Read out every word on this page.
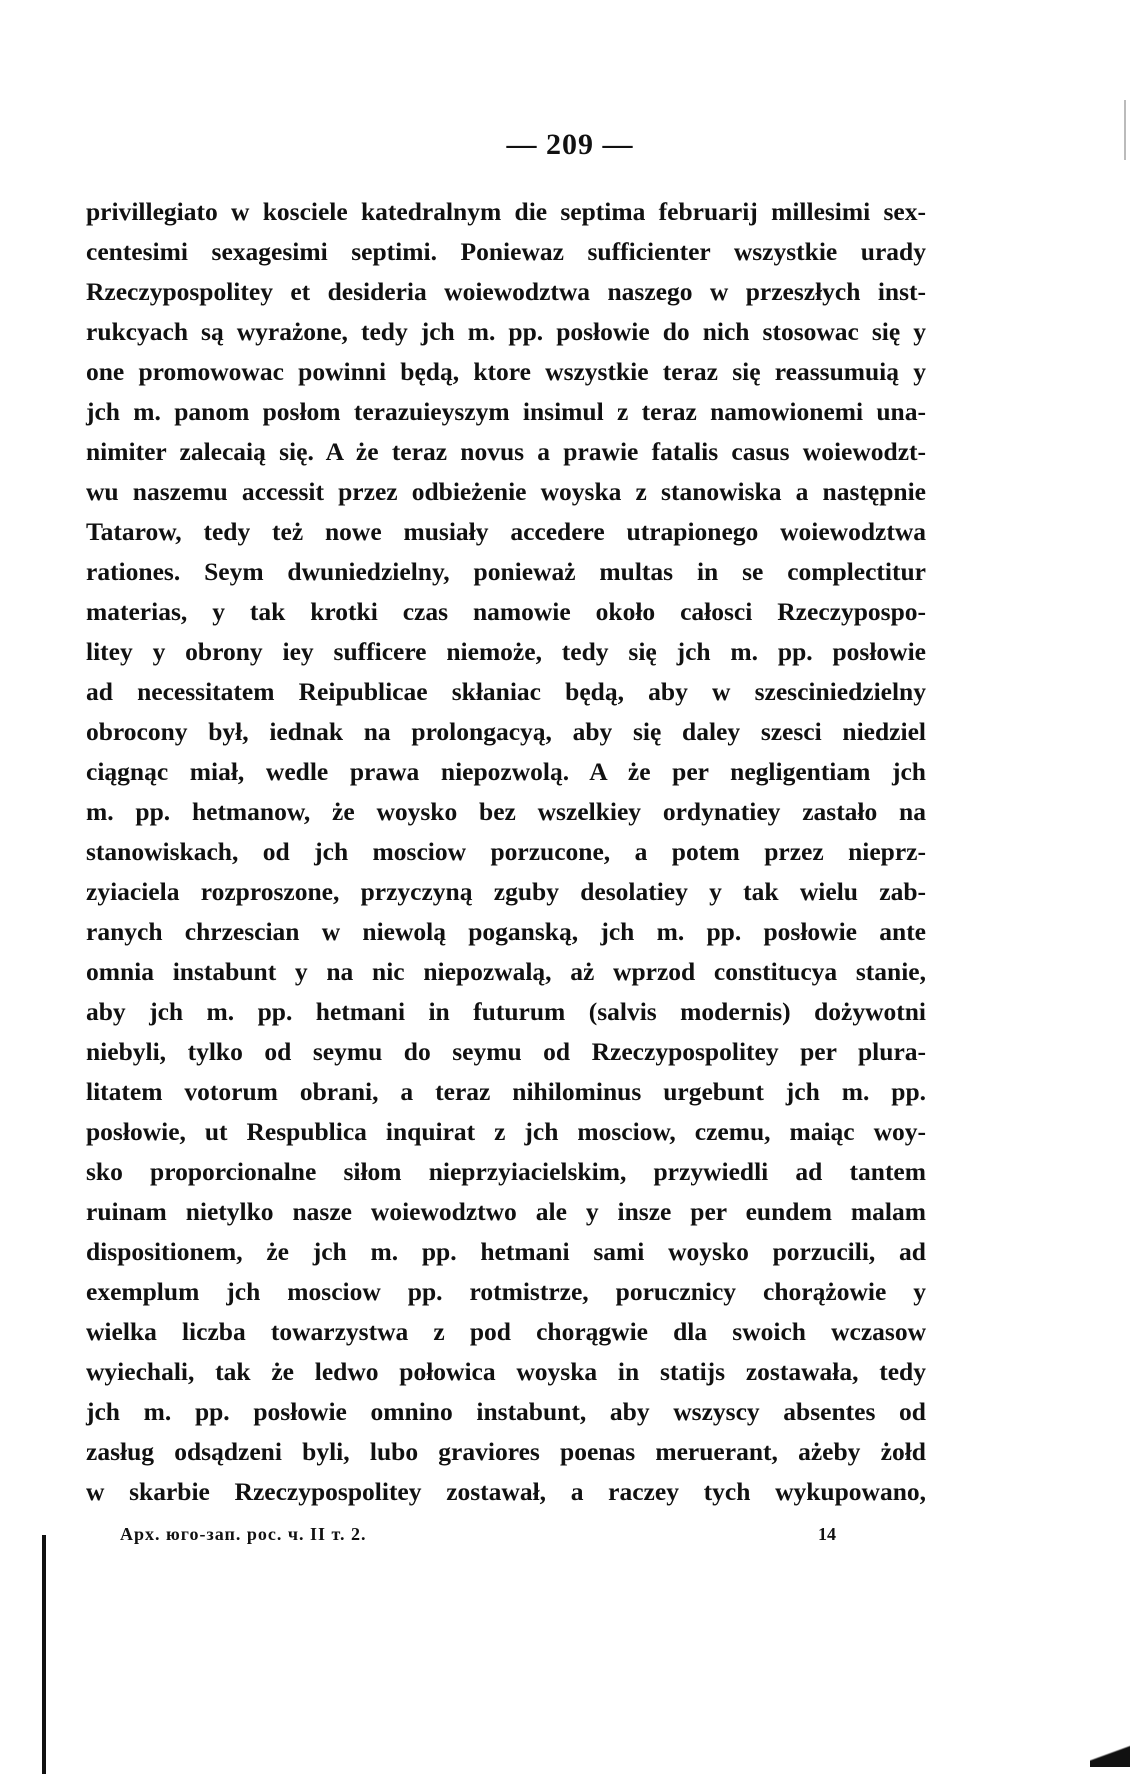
— 209 —
privillegiato w kosciele katedralnym die septima februarij millesimi sex-
centesimi sexagesimi septimi. Poniewaz sufficienter wszystkie urady
Rzeczypospolitey et desideria woiewodztwa naszego w przeszłych inst-
rukcyach są wyrażone, tedy jch m. pp. posłowie do nich stosowac się y
one promowowac powinni będą, ktore wszystkie teraz się reassumuią y
jch m. panom posłom terazuieyszym insimul z teraz namowionemi una-
nimiter zalecaią się. A że teraz novus a prawie fatalis casus woiewodzt-
wu naszemu accessit przez odbieżenie woyska z stanowiska a następnie
Tatarow, tedy też nowe musiały accedere utrapionego woiewodztwa
rationes. Seym dwuniedzielny, ponieważ multas in se complectitur
materias, y tak krotki czas namowie około całosci Rzeczypospo-
litey y obrony iey sufficere niemoże, tedy się jch m. pp. posłowie
ad necessitatem Reipublicae skłaniac będą, aby w szesciniedzielny
obrocony był, iednak na prolongacyą, aby się daley szesci niedziel
ciągnąc miał, wedle prawa niepozwolą. A że per negligentiam jch
m. pp. hetmanow, że woysko bez wszelkiey ordynatiey zastało na
stanowiskach, od jch mosciow porzucone, a potem przez nieprz-
zyiaciela rozproszone, przyczyną zguby desolatiey y tak wielu zab-
ranych chrzescian w niewolą poganską, jch m. pp. posłowie ante
omnia instabunt y na nic niepozwalą, aż wprzod constitucya stanie,
aby jch m. pp. hetmani in futurum (salvis modernis) dożywotni
niebyli, tylko od seymu do seymu od Rzeczypospolitey per plura-
litatem votorum obrani, a teraz nihilominus urgebunt jch m. pp.
posłowie, ut Respublica inquirat z jch mosciow, czemu, maiąc woy-
sko proporcionalne siłom nieprzyiacielskim, przywiedli ad tantem
ruinam nietylko nasze woiewodztwo ale y insze per eundem malam
dispositionem, że jch m. pp. hetmani sami woysko porzucili, ad
exemplum jch mosciow pp. rotmistrze, porucznicy chorążowie y
wielka liczba towarzystwa z pod chorągwie dla swoich wczasow
wyiechali, tak że ledwo połowica woyska in statijs zostawała, tedy
jch m. pp. posłowie omnino instabunt, aby wszyscy absentes od
zasług odsądzeni byli, lubo graviores poenas meruerant, ażeby żołd
w skarbie Rzeczypospolitey zostawał, a raczey tych wykupowano,
Арх. юго-зап. рос. ч. II т. 2.	14
